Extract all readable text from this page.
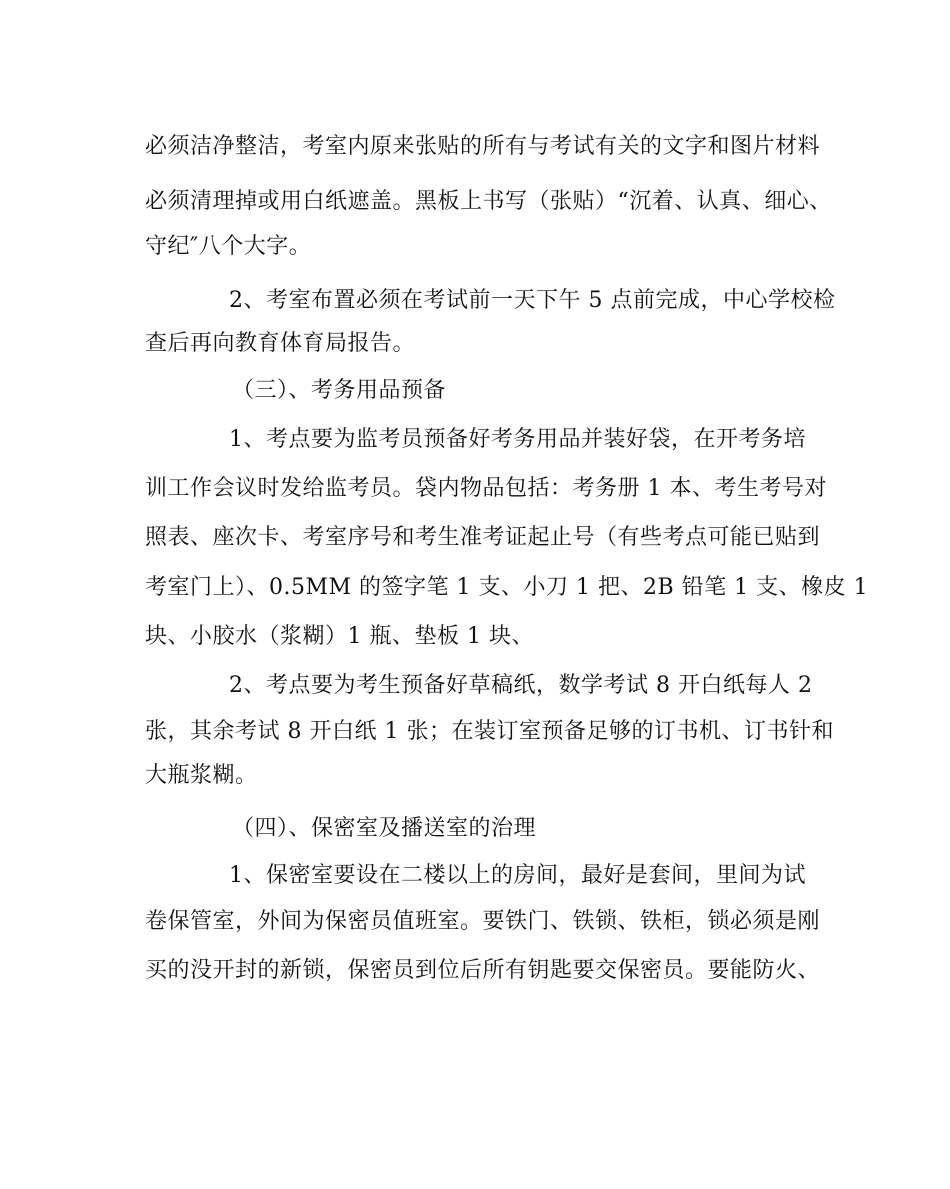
必须洁净整洁，考室内原来张贴的所有与考试有关的文字和图片材料
必须清理掉或用白纸遮盖。黑板上书写（张贴）“沉着、认真、细心、
守纪″八个大字。
2、考室布置必须在考试前一天下午 5 点前完成，中心学校检
查后再向教育体育局报告。
（三）、考务用品预备
1、考点要为监考员预备好考务用品并装好袋，在开考务培
训工作会议时发给监考员。袋内物品包括：考务册 1 本、考生考号对
照表、座次卡、考室序号和考生准考证起止号（有些考点可能已贴到
考室门上）、0.5MM 的签字笔 1 支、小刀 1 把、2B 铅笔 1 支、橡皮 1
块、小胶水（浆糊）1 瓶、垫板 1 块、
2、考点要为考生预备好草稿纸，数学考试 8 开白纸每人 2
张，其余考试 8 开白纸 1 张；在装订室预备足够的订书机、订书针和
大瓶浆糊。
（四）、保密室及播送室的治理
1、保密室要设在二楼以上的房间，最好是套间，里间为试
卷保管室，外间为保密员值班室。要铁门、铁锁、铁柜，锁必须是刚
买的没开封的新锁，保密员到位后所有钥匙要交保密员。要能防火、
